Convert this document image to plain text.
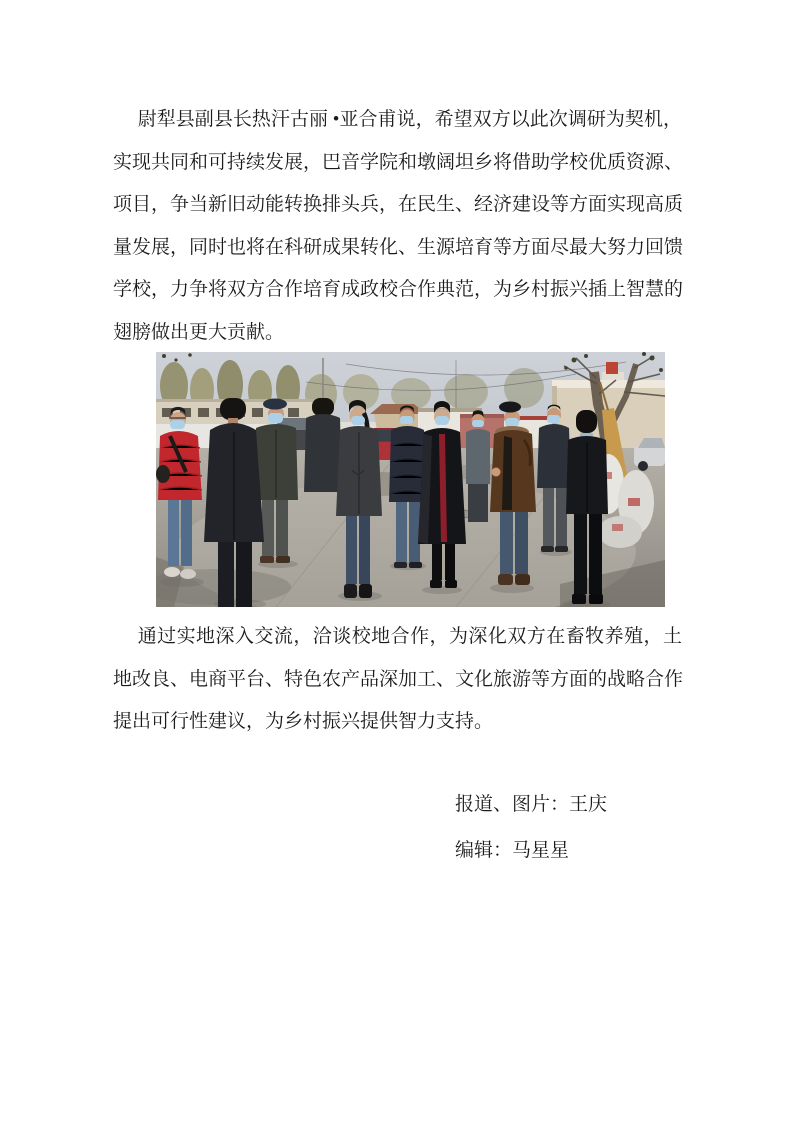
尉犁县副县长热汗古丽 •亚合甫说，希望双方以此次调研为契机，
实现共同和可持续发展，巴音学院和墩阔坦乡将借助学校优质资源、
项目，争当新旧动能转换排头兵，在民生、经济建设等方面实现高质
量发展，同时也将在科研成果转化、生源培育等方面尽最大努力回馈
学校，力争将双方合作培育成政校合作典范，为乡村振兴插上智慧的
翅膀做出更大贡献。
通过实地深入交流，洽谈校地合作，为深化双方在畜牧养殖，土
地改良、电商平台、特色农产品深加工、文化旅游等方面的战略合作
提出可行性建议，为乡村振兴提供智力支持。
报道、图片：王庆
编辑：马星星
